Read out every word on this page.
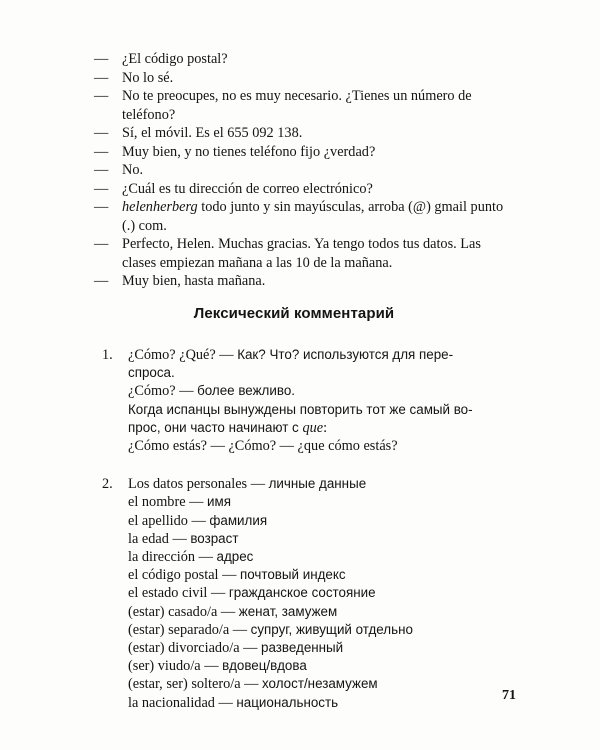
— ¿El código postal?
— No lo sé.
— No te preocupes, no es muy necesario. ¿Tienes un número de teléfono?
— Sí, el móvil. Es el 655 092 138.
— Muy bien, y no tienes teléfono fijo ¿verdad?
— No.
— ¿Cuál es tu dirección de correo electrónico?
— helenherberg todo junto y sin mayúsculas, arroba (@) gmail punto (.) com.
— Perfecto, Helen. Muchas gracias. Ya tengo todos tus datos. Las clases empiezan mañana a las 10 de la mañana.
— Muy bien, hasta mañana.
Лексический комментарий
1. ¿Cómo? ¿Qué? — Как? Что? используются для пере-
спроса.
¿Cómo? — более вежливо.
Когда испанцы вынуждены повторить тот же самый во-
прос, они часто начинают с que:
¿Cómo estás? — ¿Cómo? — ¿que cómo estás?
2. Los datos personales — личные данные
el nombre — имя
el apellido — фамилия
la edad — возраст
la dirección — адрес
el código postal — почтовый индекс
el estado civil — гражданское состояние
(estar) casado/a — женат, замужем
(estar) separado/a — супруг, живущий отдельно
(estar) divorciado/a — разведенный
(ser) viudo/a — вдовец/вдова
(estar, ser) soltero/a — холост/незамужем
la nacionalidad — национальность	71
